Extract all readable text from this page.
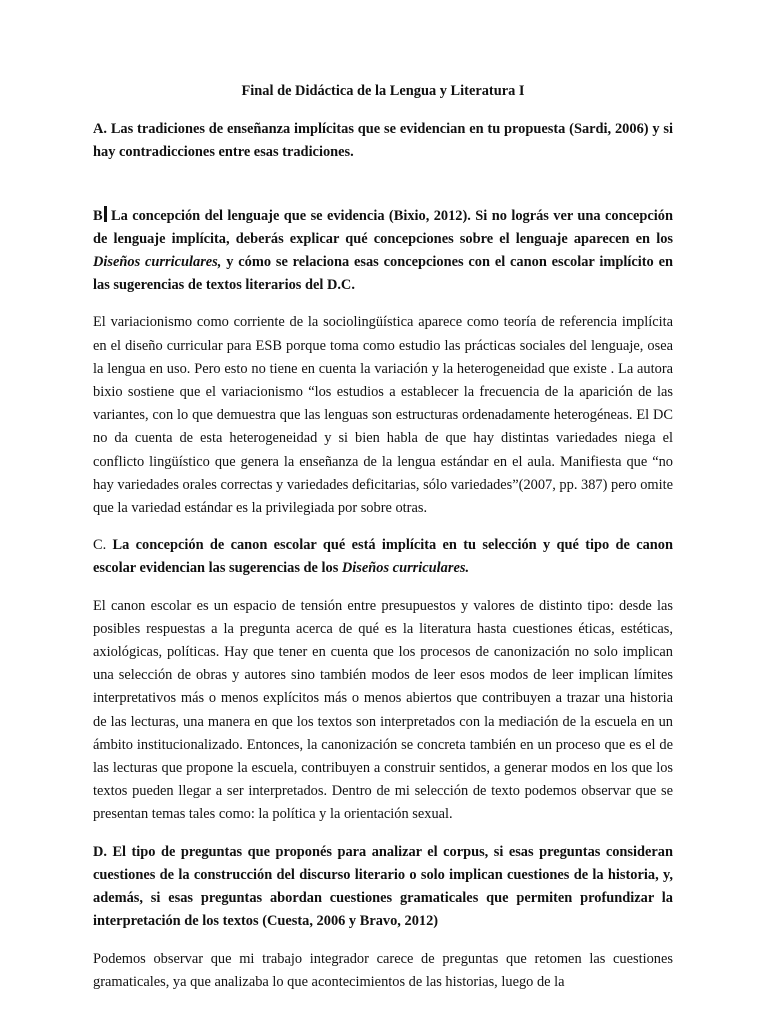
Final de Didáctica de la Lengua y Literatura I

A. Las tradiciones de enseñanza implícitas que se evidencian en tu propuesta (Sardi, 2006) y si hay contradicciones entre esas tradiciones.

B La concepción del lenguaje que se evidencia (Bixio, 2012). Si no lográs ver una concepción de lenguaje implícita, deberás explicar qué concepciones sobre el lenguaje aparecen en los Diseños curriculares, y cómo se relaciona esas concepciones con el canon escolar implícito en las sugerencias de textos literarios del D.C.

El variacionismo como corriente de la sociolingüística aparece como teoría de referencia implícita en el diseño curricular para ESB porque toma como estudio las prácticas sociales del lenguaje, osea la lengua en uso. Pero esto no tiene en cuenta la variación y la heterogeneidad que existe . La autora bixio sostiene que el variacionismo “los estudios a establecer la frecuencia de la aparición de las variantes, con lo que demuestra que las lenguas son estructuras ordenadamente heterogéneas. El DC no da cuenta de esta heterogeneidad y si bien habla de que hay distintas variedades niega el conflicto lingüístico que genera la enseñanza de la lengua estándar en el aula. Manifiesta que “no hay variedades orales correctas y variedades deficitarias, sólo variedades”(2007, pp. 387) pero omite que la variedad estándar es la privilegiada por sobre otras.

C. La concepción de canon escolar qué está implícita en tu selección y qué tipo de canon escolar evidencian las sugerencias de los Diseños curriculares.

El canon escolar es un espacio de tensión entre presupuestos y valores de distinto tipo: desde las posibles respuestas a la pregunta acerca de qué es la literatura hasta cuestiones éticas, estéticas, axiológicas, políticas. Hay que tener en cuenta que los procesos de canonización no solo implican una selección de obras y autores sino también modos de leer esos modos de leer implican límites interpretativos más o menos explícitos más o menos abiertos que contribuyen a trazar una historia de las lecturas, una manera en que los textos son interpretados con la mediación de la escuela en un ámbito institucionalizado. Entonces, la canonización se concreta también en un proceso que es el de las lecturas que propone la escuela, contribuyen a construir sentidos, a generar modos en los que los textos pueden llegar a ser interpretados. Dentro de mi selección de texto podemos observar que se presentan temas tales como: la política y la orientación sexual.

D. El tipo de preguntas que proponés para analizar el corpus, si esas preguntas consideran cuestiones de la construcción del discurso literario o solo implican cuestiones de la historia, y, además, si esas preguntas abordan cuestiones gramaticales que permiten profundizar la interpretación de los textos (Cuesta, 2006 y Bravo, 2012)

Podemos observar que mi trabajo integrador carece de preguntas que retomen las cuestiones gramaticales, ya que analizaba lo que acontecimientos de las historias, luego de la
